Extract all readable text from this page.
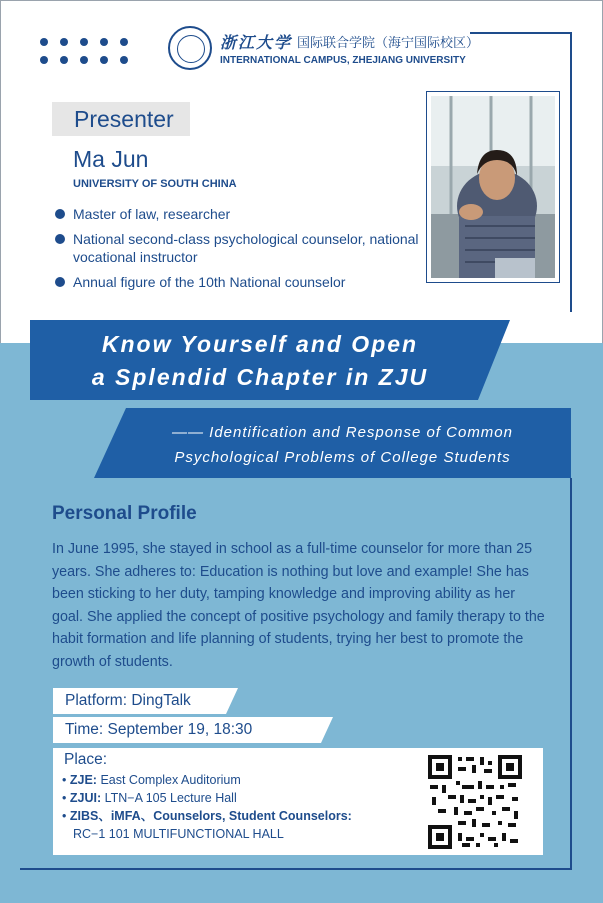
浙江大学 国际联合学院（海宁国际校区）
INTERNATIONAL CAMPUS, ZHEJIANG UNIVERSITY
Presenter
Ma Jun
UNIVERSITY OF SOUTH CHINA
Master of law, researcher
National second-class psychological counselor, national vocational instructor
Annual figure of the 10th National counselor
Know Yourself and Open
a Splendid Chapter in ZJU
—— Identification and Response of Common
Psychological Problems of College Students
Personal Profile
In June 1995, she stayed in school as a full-time counselor for more than 25 years. She adheres to: Education is nothing but love and example! She has been sticking to her duty, tamping knowledge and improving ability as her goal. She applied the concept of positive psychology and family therapy to the habit formation and life planning of students, trying her best to promote the growth of students.
Platform: DingTalk
Time: September 19, 18:30
Place:
• ZJE: East Complex Auditorium
• ZJUI: LTN−A 105 Lecture Hall
• ZIBS、iMFA、Counselors, Student Counselors:
RC−1 101 MULTIFUNCTIONAL HALL
